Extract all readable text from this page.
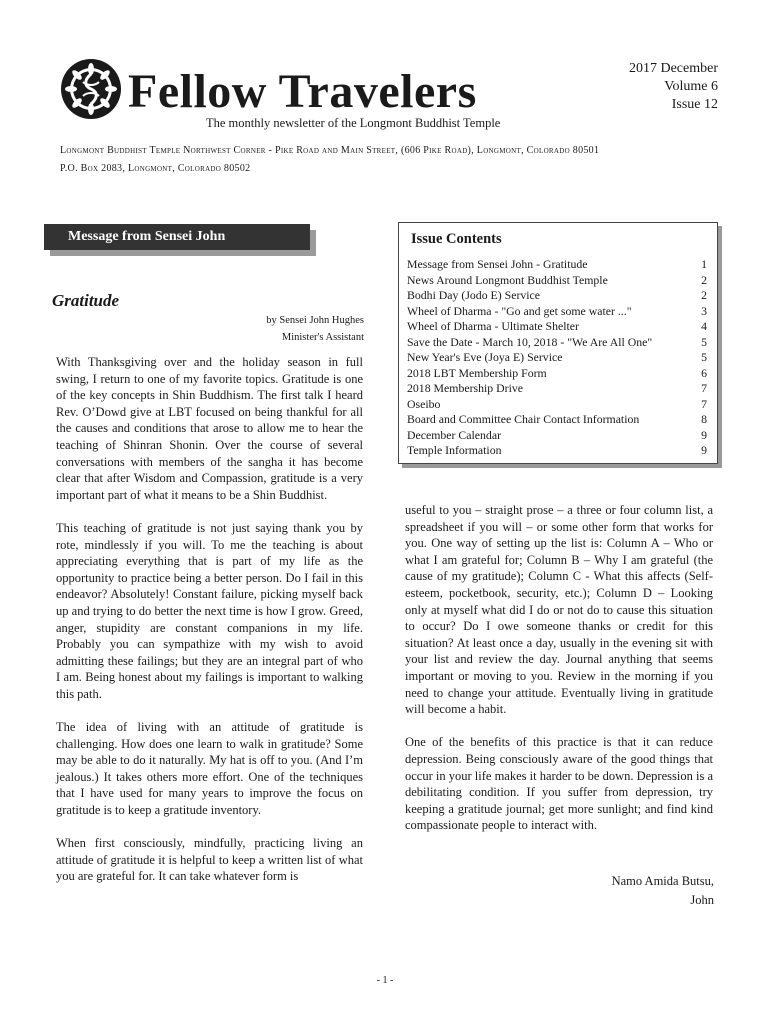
Fellow Travelers
The monthly newsletter of the Longmont Buddhist Temple
2017 December
Volume 6
Issue 12
Longmont Buddhist Temple Northwest Corner - Pike Road and Main Street, (606 Pike Road), Longmont, Colorado 80501
P.O. Box 2083, Longmont, Colorado 80502
Message from Sensei John
Gratitude
by Sensei John Hughes
Minister's Assistant

With Thanksgiving over and the holiday season in full swing, I return to one of my favorite topics. Gratitude is one of the key concepts in Shin Buddhism. The first talk I heard Rev. O’Dowd give at LBT focused on being thankful for all the causes and conditions that arose to allow me to hear the teaching of Shinran Shonin. Over the course of several conversations with members of the sangha it has become clear that after Wisdom and Compassion, gratitude is a very important part of what it means to be a Shin Buddhist.

This teaching of gratitude is not just saying thank you by rote, mindlessly if you will. To me the teaching is about appreciating everything that is part of my life as the opportunity to practice being a better person. Do I fail in this endeavor? Absolutely! Constant failure, picking myself back up and trying to do better the next time is how I grow. Greed, anger, stupidity are constant companions in my life. Probably you can sympathize with my wish to avoid admitting these failings; but they are an integral part of who I am. Being honest about my failings is important to walking this path.

The idea of living with an attitude of gratitude is challenging. How does one learn to walk in gratitude? Some may be able to do it naturally. My hat is off to you. (And I’m jealous.) It takes others more effort. One of the techniques that I have used for many years to improve the focus on gratitude is to keep a gratitude inventory.

When first consciously, mindfully, practicing living an attitude of gratitude it is helpful to keep a written list of what you are grateful for. It can take whatever form is

Issue Contents
Message from Sensei John - Gratitude	1
News Around Longmont Buddhist Temple	2
Bodhi Day (Jodo E) Service	2
Wheel of Dharma - "Go and get some water ..."	3
Wheel of Dharma - Ultimate Shelter	4
Save the Date - March 10, 2018 - "We Are All One"	5
New Year's Eve (Joya E) Service	5
2018 LBT Membership Form	6
2018 Membership Drive	7
Oseibo	7
Board and Committee Chair Contact Information	8
December Calendar	9
Temple Information	9

useful to you – straight prose – a three or four column list, a spreadsheet if you will – or some other form that works for you. One way of setting up the list is: Column A – Who or what I am grateful for; Column B – Why I am grateful (the cause of my gratitude); Column C - What this affects (Self-esteem, pocketbook, security, etc.); Column D – Looking only at myself what did I do or not do to cause this situation to occur? Do I owe someone thanks or credit for this situation? At least once a day, usually in the evening sit with your list and review the day. Journal anything that seems important or moving to you. Review in the morning if you need to change your attitude. Eventually living in gratitude will become a habit.

One of the benefits of this practice is that it can reduce depression. Being consciously aware of the good things that occur in your life makes it harder to be down. Depression is a debilitating condition. If you suffer from depression, try keeping a gratitude journal; get more sunlight; and find kind compassionate people to interact with.

Namo Amida Butsu,
John
- 1 -
